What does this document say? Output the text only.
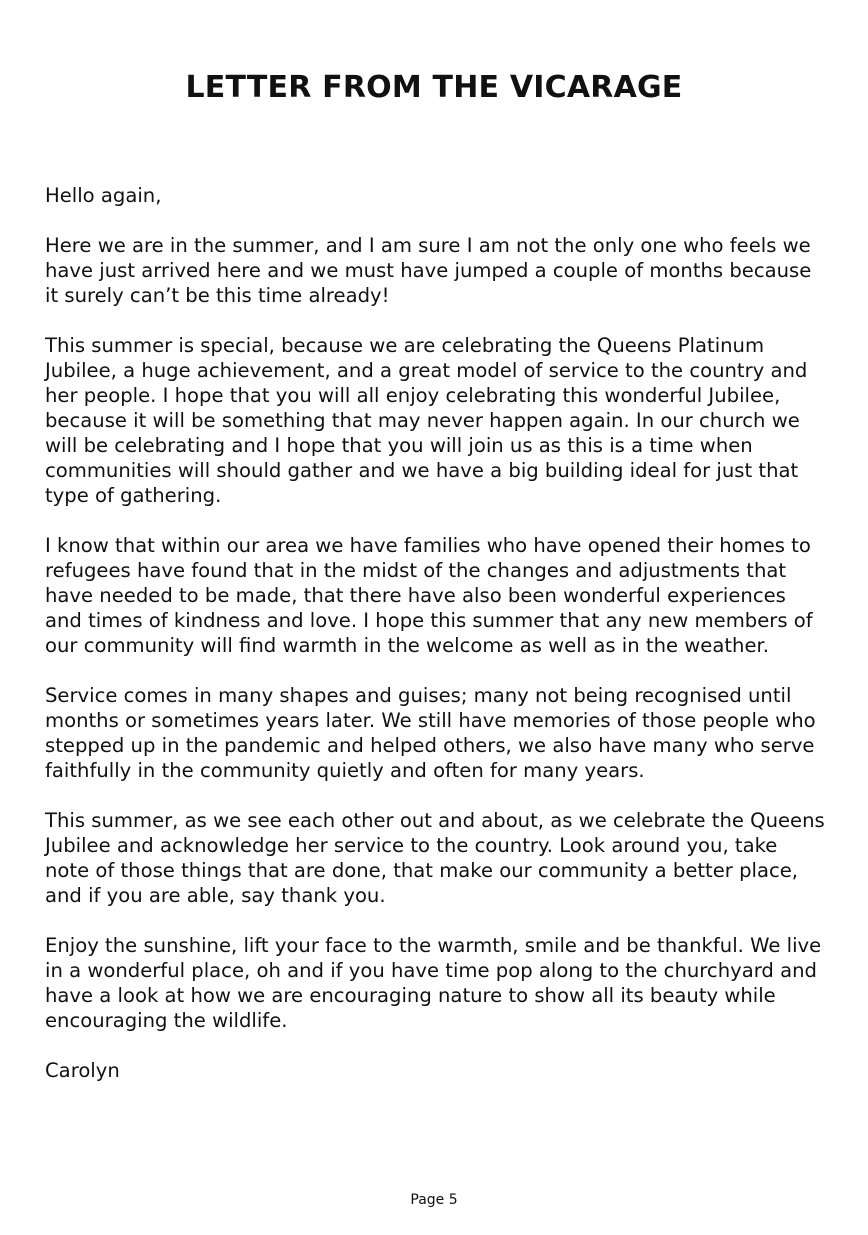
LETTER FROM THE VICARAGE

Hello again,

Here we are in the summer, and I am sure I am not the only one who feels we have just arrived here and we must have jumped a couple of months because it surely can’t be this time already!

This summer is special, because we are celebrating the Queens Platinum Jubilee, a huge achievement, and a great model of service to the country and her people. I hope that you will all enjoy celebrating this wonderful Jubilee, because it will be something that may never happen again. In our church we will be celebrating and I hope that you will join us as this is a time when communities will should gather and we have a big building ideal for just that type of gathering.

I know that within our area we have families who have opened their homes to refugees have found that in the midst of the changes and adjustments that have needed to be made, that there have also been wonderful experiences and times of kindness and love. I hope this summer that any new members of our community will find warmth in the welcome as well as in the weather.

Service comes in many shapes and guises; many not being recognised until months or sometimes years later. We still have memories of those people who stepped up in the pandemic and helped others, we also have many who serve faithfully in the community quietly and often for many years.

This summer, as we see each other out and about, as we celebrate the Queens Jubilee and acknowledge her service to the country. Look around you, take note of those things that are done, that make our community a better place, and if you are able, say thank you.

Enjoy the sunshine, lift your face to the warmth, smile and be thankful. We live in a wonderful place, oh and if you have time pop along to the churchyard and have a look at how we are encouraging nature to show all its beauty while encouraging the wildlife.

Carolyn

Page 5
